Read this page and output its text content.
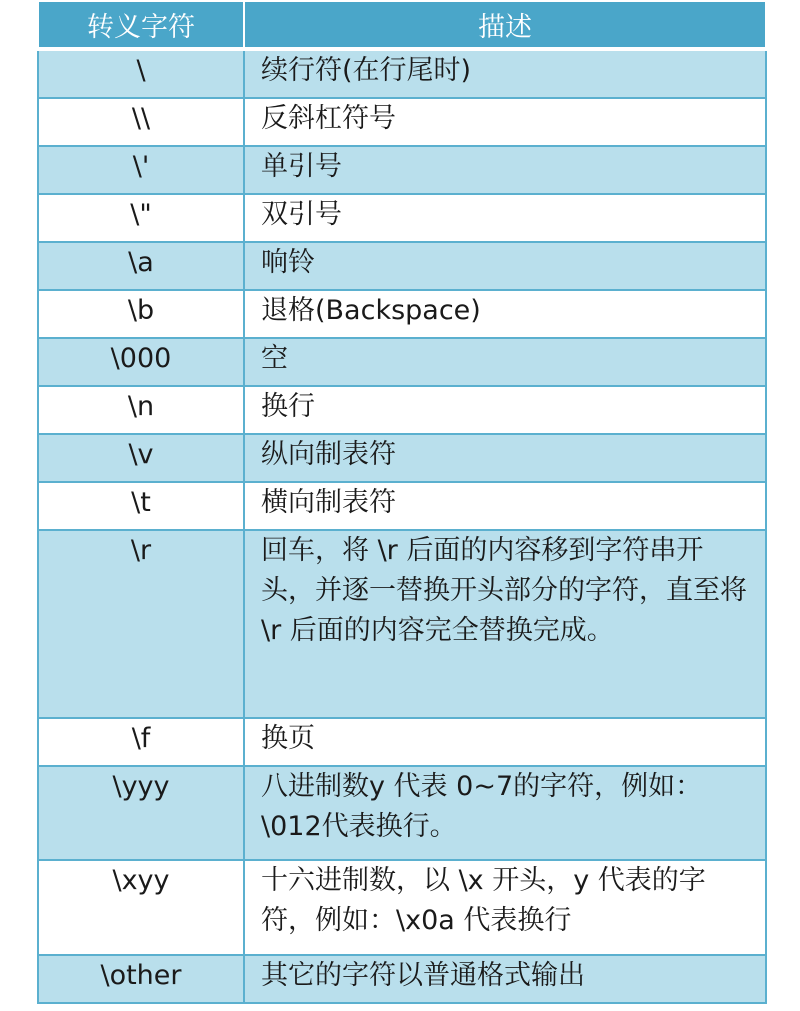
转义字符	描述
\	续行符(在行尾时)
\\	反斜杠符号
\'	单引号
\"	双引号
\a	响铃
\b	退格(Backspace)
\000	空
\n	换行
\v	纵向制表符
\t	横向制表符
\r	回车，将 \r 后面的内容移到字符串开头，并逐一替换开头部分的字符，直至将 \r 后面的内容完全替换完成。
\f	换页
\yyy	八进制数y 代表 0~7的字符，例如：\012代表换行。
\xyy	十六进制数，以 \x 开头，y 代表的字符，例如：\x0a 代表换行
\other	其它的字符以普通格式输出
